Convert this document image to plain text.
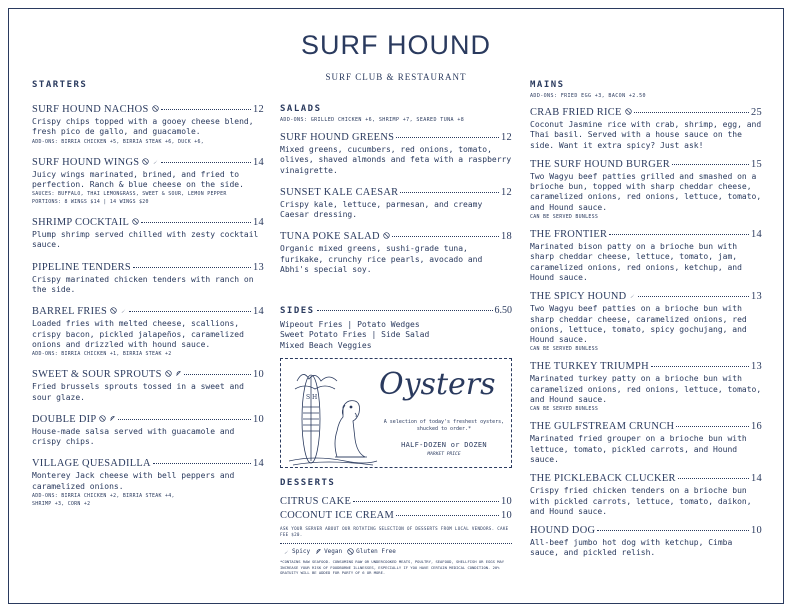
SURF HOUND
SURF CLUB & RESTAURANT
STARTERS
SURF HOUND NACHOS	12
Crispy chips topped with a gooey cheese blend, fresh pico de gallo, and guacamole.
ADD-ONS: BIRRIA CHICKEN +5, BIRRIA STEAK +6, DUCK +6,
SURF HOUND WINGS	14
Juicy wings marinated, brined, and fried to perfection. Ranch & blue cheese on the side.
SAUCES: BUFFALO, THAI LEMONGRASS, SWEET & SOUR, LEMON PEPPER
PORTIONS: 8 WINGS $14 | 14 WINGS $20
SHRIMP COCKTAIL	14
Plump shrimp served chilled with zesty cocktail sauce.
PIPELINE TENDERS	13
Crispy marinated chicken tenders with ranch on the side.
BARREL FRIES	14
Loaded fries with melted cheese, scallions, crispy bacon, pickled jalapeños, caramelized onions and drizzled with hound sauce.
ADD-ONS: BIRRIA CHICKEN +1, BIRRIA STEAK +2
SWEET & SOUR SPROUTS	10
Fried brussels sprouts tossed in a sweet and sour glaze.
DOUBLE DIP	10
House-made salsa served with guacamole and crispy chips.
VILLAGE QUESADILLA	14
Monterey Jack cheese with bell peppers and caramelized onions.
ADD-ONS: BIRRIA CHICKEN +2, BIRRIA STEAK +4,
SHRIMP +3, CORN +2
SALADS
ADD-ONS: GRILLED CHICKEN +6, SHRIMP +7, SEARED TUNA +8
SURF HOUND GREENS	12
Mixed greens, cucumbers, red onions, tomato, olives, shaved almonds and feta with a raspberry vinaigrette.
SUNSET KALE CAESAR	12
Crispy kale, lettuce, parmesan, and creamy Caesar dressing.
TUNA POKE SALAD	18
Organic mixed greens, sushi-grade tuna, furikake, crunchy rice pearls, avocado and Abhi's special soy.
SIDES	6.50
Wipeout Fries | Potato Wedges
Sweet Potato Fries | Side Salad
Mixed Beach Veggies
S H Oysters
A selection of today's freshest oysters, shucked to order.*
HALF-DOZEN or DOZEN
MARKET PRICE
DESSERTS
CITRUS CAKE	10
COCONUT ICE CREAM	10
ASK YOUR SERVER ABOUT OUR ROTATING SELECTION OF DESSERTS FROM LOCAL VENDORS. CAKE FEE $20.
Spicy Vegan Gluten Free
*CONTAINS RAW SEAFOOD. CONSUMING RAW OR UNDERCOOKED MEATS, POULTRY, SEAFOOD, SHELLFISH OR EGGS MAY INCREASE YOUR RISK OF FOODBORNE ILLNESSES, ESPECIALLY IF YOU HAVE CERTAIN MEDICAL CONDITION. 20% GRATUITY WILL BE ADDED FOR PARTY OF 6 OR MORE.
MAINS
ADD-ONS: FRIED EGG +3, BACON +2.50
CRAB FRIED RICE	25
Coconut Jasmine rice with crab, shrimp, egg, and Thai basil. Served with a house sauce on the side. Want it extra spicy? Just ask!
THE SURF HOUND BURGER	15
Two Wagyu beef patties grilled and smashed on a brioche bun, topped with sharp cheddar cheese, caramelized onions, red onions, lettuce, tomato, and Hound sauce.
CAN BE SERVED BUNLESS
THE FRONTIER	14
Marinated bison patty on a brioche bun with sharp cheddar cheese, lettuce, tomato, jam, caramelized onions, red onions, ketchup, and Hound sauce.
THE SPICY HOUND	13
Two Wagyu beef patties on a brioche bun with sharp cheddar cheese, caramelized onions, red onions, lettuce, tomato, spicy gochujang, and Hound sauce.
CAN BE SERVED BUNLESS
THE TURKEY TRIUMPH	13
Marinated turkey patty on a brioche bun with caramelized onions, red onions, lettuce, tomato, and Hound sauce.
CAN BE SERVED BUNLESS
THE GULFSTREAM CRUNCH	16
Marinated fried grouper on a brioche bun with lettuce, tomato, pickled carrots, and Hound sauce.
THE PICKLEBACK CLUCKER	14
Crispy fried chicken tenders on a brioche bun with pickled carrots, lettuce, tomato, daikon, and Hound sauce.
HOUND DOG	10
All-beef jumbo hot dog with ketchup, Cimba sauce, and pickled relish.
